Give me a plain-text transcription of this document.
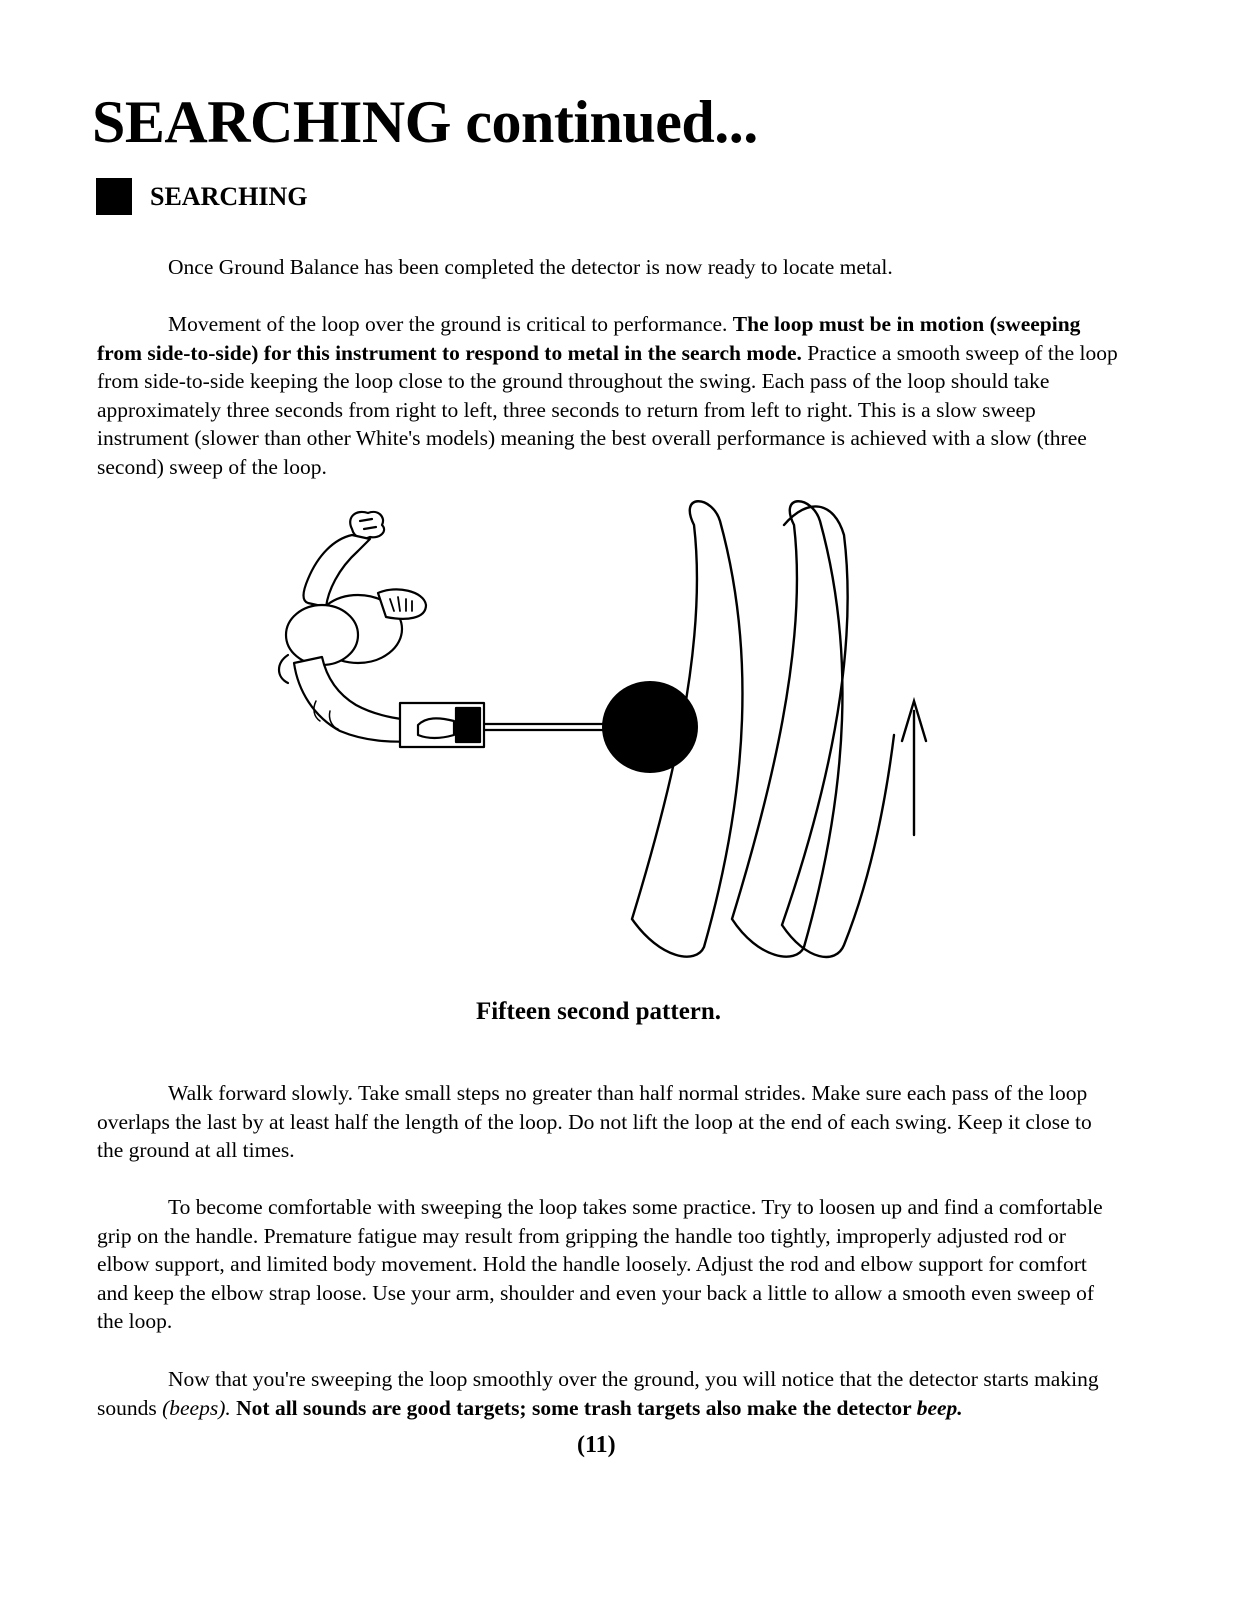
SEARCHING continued...
SEARCHING

Once Ground Balance has been completed the detector is now ready to locate metal.

Movement of the loop over the ground is critical to performance. The loop must be in motion (sweeping from side-to-side) for this instrument to respond to metal in the search mode. Practice a smooth sweep of the loop from side-to-side keeping the loop close to the ground throughout the swing. Each pass of the loop should take approximately three seconds from right to left, three seconds to return from left to right. This is a slow sweep instrument (slower than other White's models) meaning the best overall performance is achieved with a slow (three second) sweep of the loop.

Fifteen second pattern.

Walk forward slowly. Take small steps no greater than half normal strides. Make sure each pass of the loop overlaps the last by at least half the length of the loop. Do not lift the loop at the end of each swing. Keep it close to the ground at all times.

To become comfortable with sweeping the loop takes some practice. Try to loosen up and find a comfortable grip on the handle. Premature fatigue may result from gripping the handle too tightly, improperly adjusted rod or elbow support, and limited body movement. Hold the handle loosely. Adjust the rod and elbow support for comfort and keep the elbow strap loose. Use your arm, shoulder and even your back a little to allow a smooth even sweep of the loop.

Now that you're sweeping the loop smoothly over the ground, you will notice that the detector starts making sounds (beeps). Not all sounds are good targets; some trash targets also make the detector beep.

(11)
